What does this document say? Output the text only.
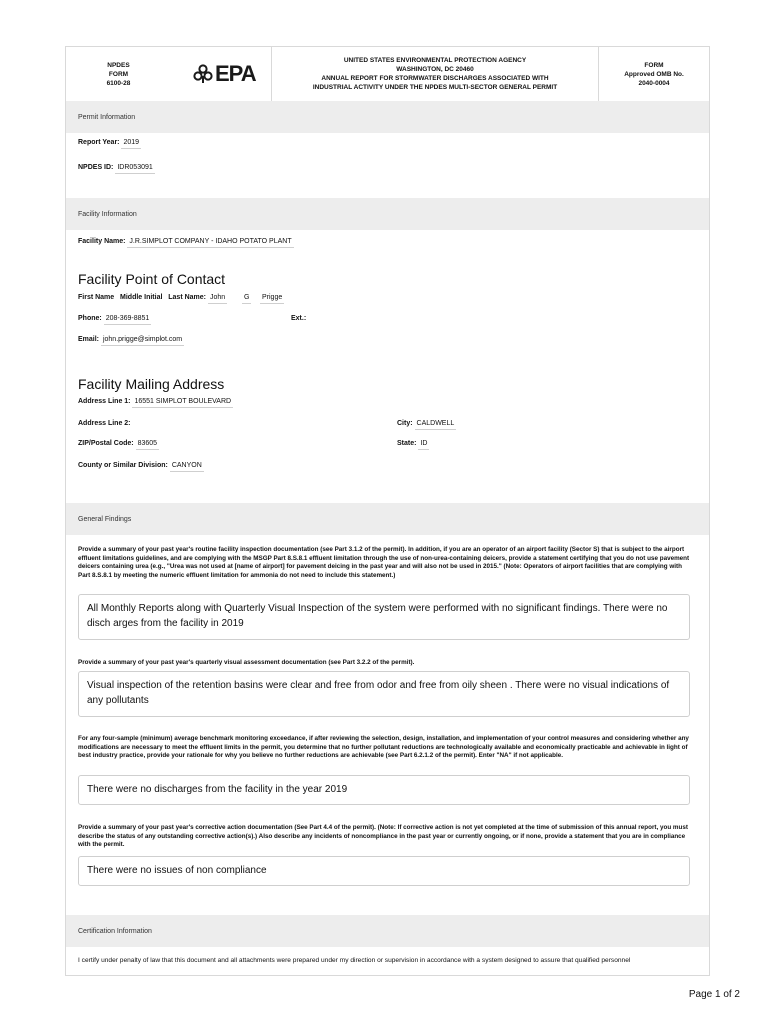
NPDES
FORM
6100-28	EPA
UNITED STATES ENVIRONMENTAL PROTECTION AGENCY
WASHINGTON, DC 20460
ANNUAL REPORT FOR STORMWATER DISCHARGES ASSOCIATED WITH
INDUSTRIAL ACTIVITY UNDER THE NPDES MULTI-SECTOR GENERAL PERMIT
FORM
Approved OMB No.
2040-0004
Permit Information
Report Year: 2019
NPDES ID: IDR053091
Facility Information
Facility Name: J.R.SIMPLOT COMPANY - IDAHO POTATO PLANT
Facility Point of Contact
First Name Middle Initial Last Name: John	G Prigge
Phone: 208-369-8851	Ext.:
Email: john.prigge@simplot.com
Facility Mailing Address
Address Line 1: 16551 SIMPLOT BOULEVARD
Address Line 2:	City: CALDWELL
ZIP/Postal Code: 83605	State: ID
County or Similar Division: CANYON
General Findings
Provide a summary of your past year's routine facility inspection documentation (see Part 3.1.2 of the permit). In addition, if you are an operator of an airport facility (Sector S) that is subject to the airport effluent limitations guidelines, and are complying with the MSGP Part 8.S.8.1 effluent limitation through the use of non-urea-containing deicers, provide a statement certifying that you do not use pavement deicers containing urea (e.g., "Urea was not used at [name of airport] for pavement deicing in the past year and will also not be used in 2015." (Note: Operators of airport facilities that are complying with Part 8.S.8.1 by meeting the numeric effluent limitation for ammonia do not need to include this statement.)
All Monthly Reports along with Quarterly Visual Inspection of the system were performed with no significant findings. There were no disch arges from the facility in 2019
Provide a summary of your past year's quarterly visual assessment documentation (see Part 3.2.2 of the permit).
Visual inspection of the retention basins were clear and free from odor and free from oily sheen . There were no visual indications of any pollutants
For any four-sample (minimum) average benchmark monitoring exceedance, if after reviewing the selection, design, installation, and implementation of your control measures and considering whether any modifications are necessary to meet the effluent limits in the permit, you determine that no further pollutant reductions are technologically available and economically practicable and achievable in light of best industry practice, provide your rationale for why you believe no further reductions are achievable (see Part 6.2.1.2 of the permit). Enter "NA" if not applicable.
There were no discharges from the facility in the year 2019
Provide a summary of your past year's corrective action documentation (See Part 4.4 of the permit). (Note: If corrective action is not yet completed at the time of submission of this annual report, you must describe the status of any outstanding corrective action(s).) Also describe any incidents of noncompliance in the past year or currently ongoing, or if none, provide a statement that you are in compliance with the permit.
There were no issues of non compliance
Certification Information
I certify under penalty of law that this document and all attachments were prepared under my direction or supervision in accordance with a system designed to assure that qualified personnel
Page 1 of 2
